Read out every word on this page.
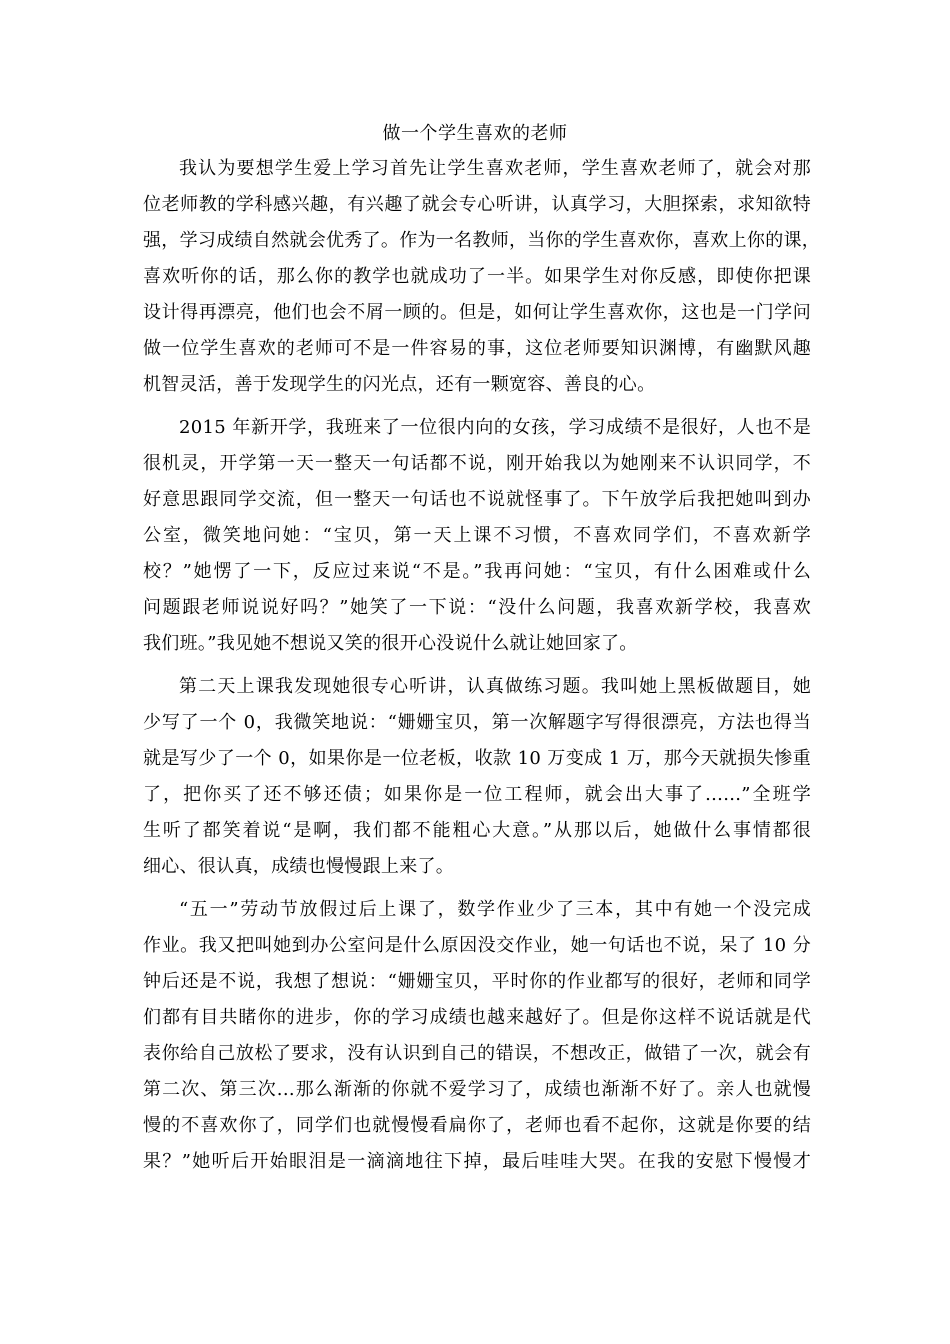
做一个学生喜欢的老师
我认为要想学生爱上学习首先让学生喜欢老师，学生喜欢老师了，就会对那
位老师教的学科感兴趣，有兴趣了就会专心听讲，认真学习，大胆探索，求知欲特
强，学习成绩自然就会优秀了。作为一名教师，当你的学生喜欢你，喜欢上你的课，
喜欢听你的话，那么你的教学也就成功了一半。如果学生对你反感，即使你把课
设计得再漂亮，他们也会不屑一顾的。但是，如何让学生喜欢你，这也是一门学问
做一位学生喜欢的老师可不是一件容易的事，这位老师要知识渊博，有幽默风趣
机智灵活，善于发现学生的闪光点，还有一颗宽容、善良的心。
2015 年新开学，我班来了一位很内向的女孩，学习成绩不是很好，人也不是
很机灵，开学第一天一整天一句话都不说，刚开始我以为她刚来不认识同学，不
好意思跟同学交流，但一整天一句话也不说就怪事了。下午放学后我把她叫到办
公室，微笑地问她：“宝贝，第一天上课不习惯，不喜欢同学们，不喜欢新学
校？”她愣了一下，反应过来说“不是。”我再问她：“宝贝，有什么困难或什么
问题跟老师说说好吗？”她笑了一下说：“没什么问题，我喜欢新学校，我喜欢
我们班。”我见她不想说又笑的很开心没说什么就让她回家了。
第二天上课我发现她很专心听讲，认真做练习题。我叫她上黑板做题目，她
少写了一个 0，我微笑地说：“姗姗宝贝，第一次解题字写得很漂亮，方法也得当
就是写少了一个 0，如果你是一位老板，收款 10 万变成 1 万，那今天就损失惨重
了，把你买了还不够还债；如果你是一位工程师，就会出大事了......”全班学
生听了都笑着说“是啊，我们都不能粗心大意。”从那以后，她做什么事情都很
细心、很认真，成绩也慢慢跟上来了。
“五一”劳动节放假过后上课了，数学作业少了三本，其中有她一个没完成
作业。我又把叫她到办公室问是什么原因没交作业，她一句话也不说，呆了 10 分
钟后还是不说，我想了想说：“姗姗宝贝，平时你的作业都写的很好，老师和同学
们都有目共睹你的进步，你的学习成绩也越来越好了。但是你这样不说话就是代
表你给自己放松了要求，没有认识到自己的错误，不想改正，做错了一次，就会有
第二次、第三次...那么渐渐的你就不爱学习了，成绩也渐渐不好了。亲人也就慢
慢的不喜欢你了，同学们也就慢慢看扁你了，老师也看不起你，这就是你要的结
果？”她听后开始眼泪是一滴滴地往下掉，最后哇哇大哭。在我的安慰下慢慢才
